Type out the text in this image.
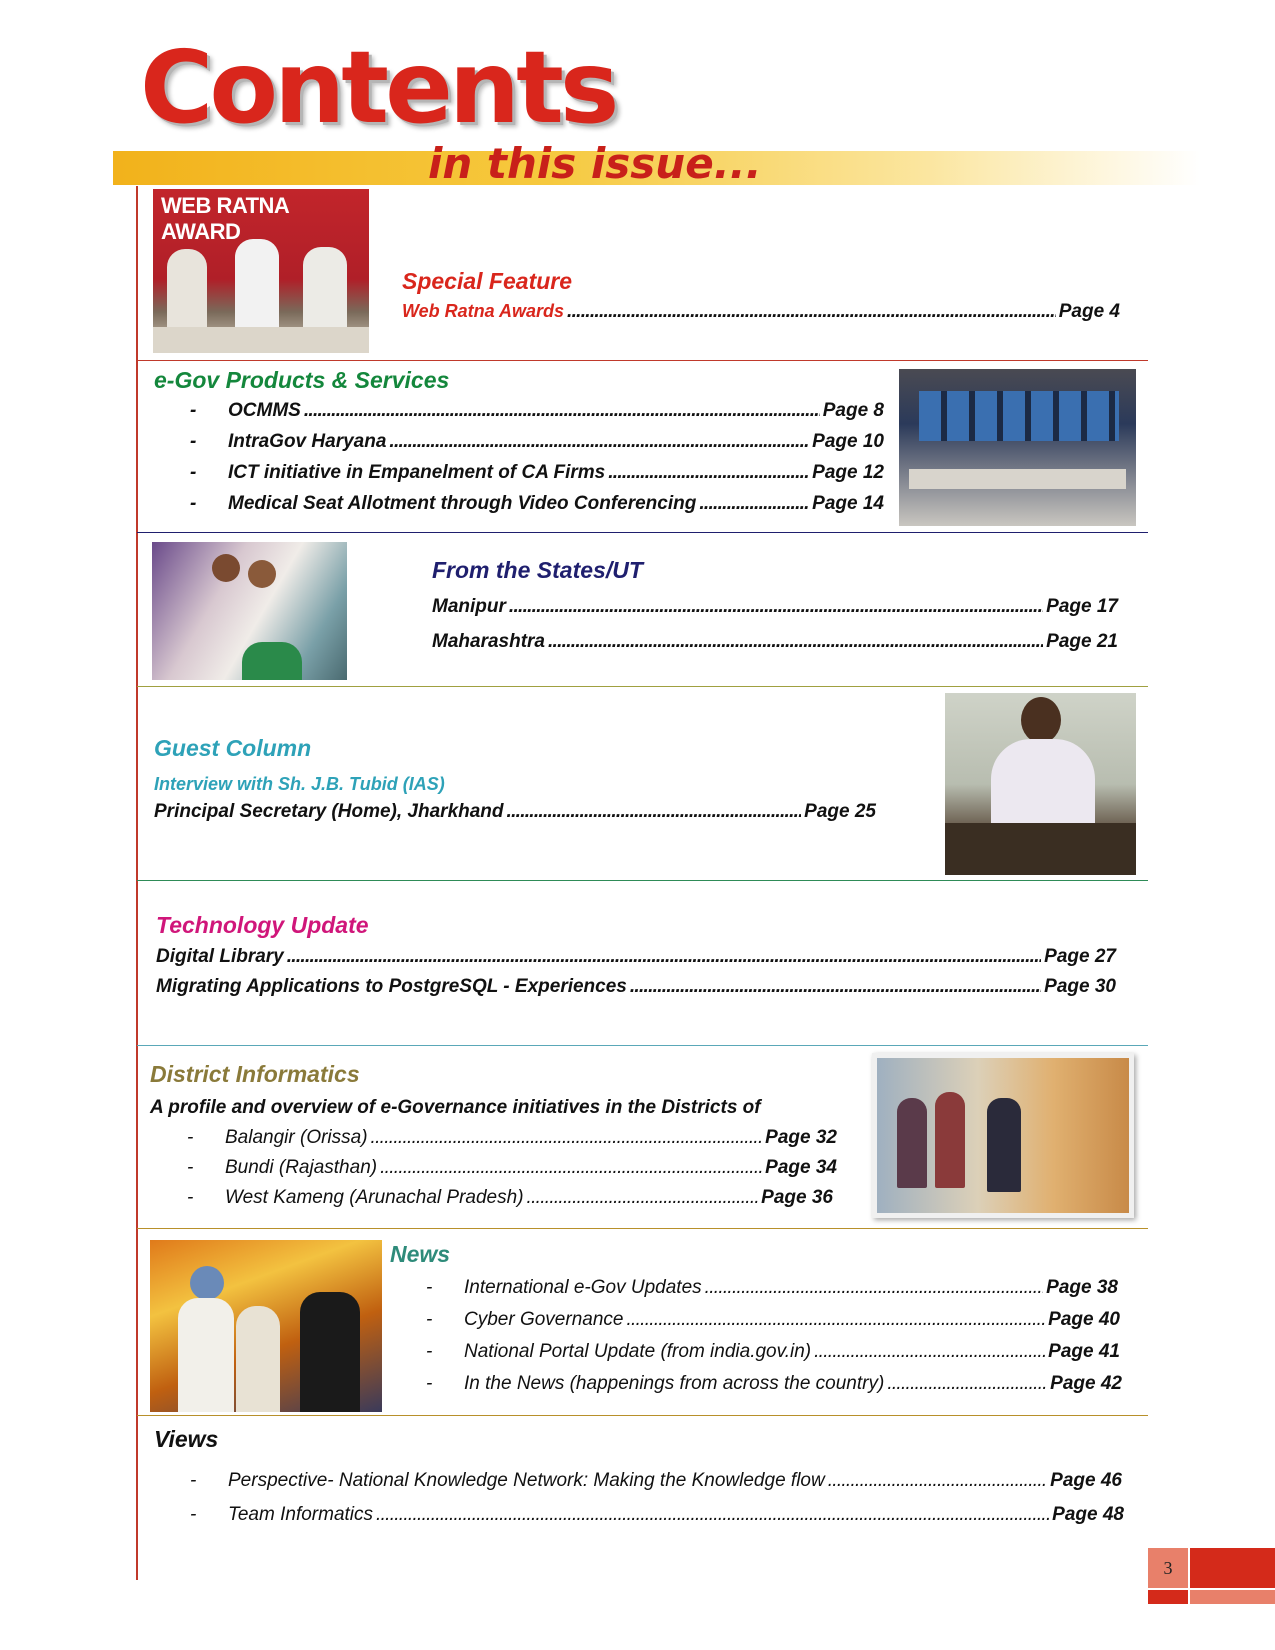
Contents
in this issue...
WEB RATNA AWARD
Special Feature
Web Ratna Awards . . .	Page 4
e-Gov Products & Services
-	OCMMS . . .	Page 8
-	IntraGov Haryana . . .	Page 10
-	ICT initiative in Empanelment of CA Firms . . .	Page 12
-	Medical Seat Allotment through Video Conferencing . . .	Page 14
From the States/UT
Manipur . . .	Page 17
Maharashtra . . .	Page 21
Guest Column
Interview with Sh. J.B. Tubid (IAS)
Principal Secretary (Home), Jharkhand . . .	Page 25
Technology Update
Digital Library . . .	Page 27
Migrating Applications to PostgreSQL - Experiences . . .	Page 30
District Informatics
A profile and overview of e-Governance initiatives in the Districts of
-	Balangir (Orissa) . . .	Page 32
-	Bundi (Rajasthan) . . .	Page 34
-	West Kameng (Arunachal Pradesh) . . .	Page 36
News
-	International e-Gov Updates . . .	Page 38
-	Cyber Governance . . .	Page 40
-	National Portal Update (from india.gov.in) . . .	Page 41
-	In the News (happenings from across the country) . . .	Page 42
Views
-	Perspective- National Knowledge Network: Making the Knowledge flow . . .	Page 46
-	Team Informatics . . .	Page 48
3
